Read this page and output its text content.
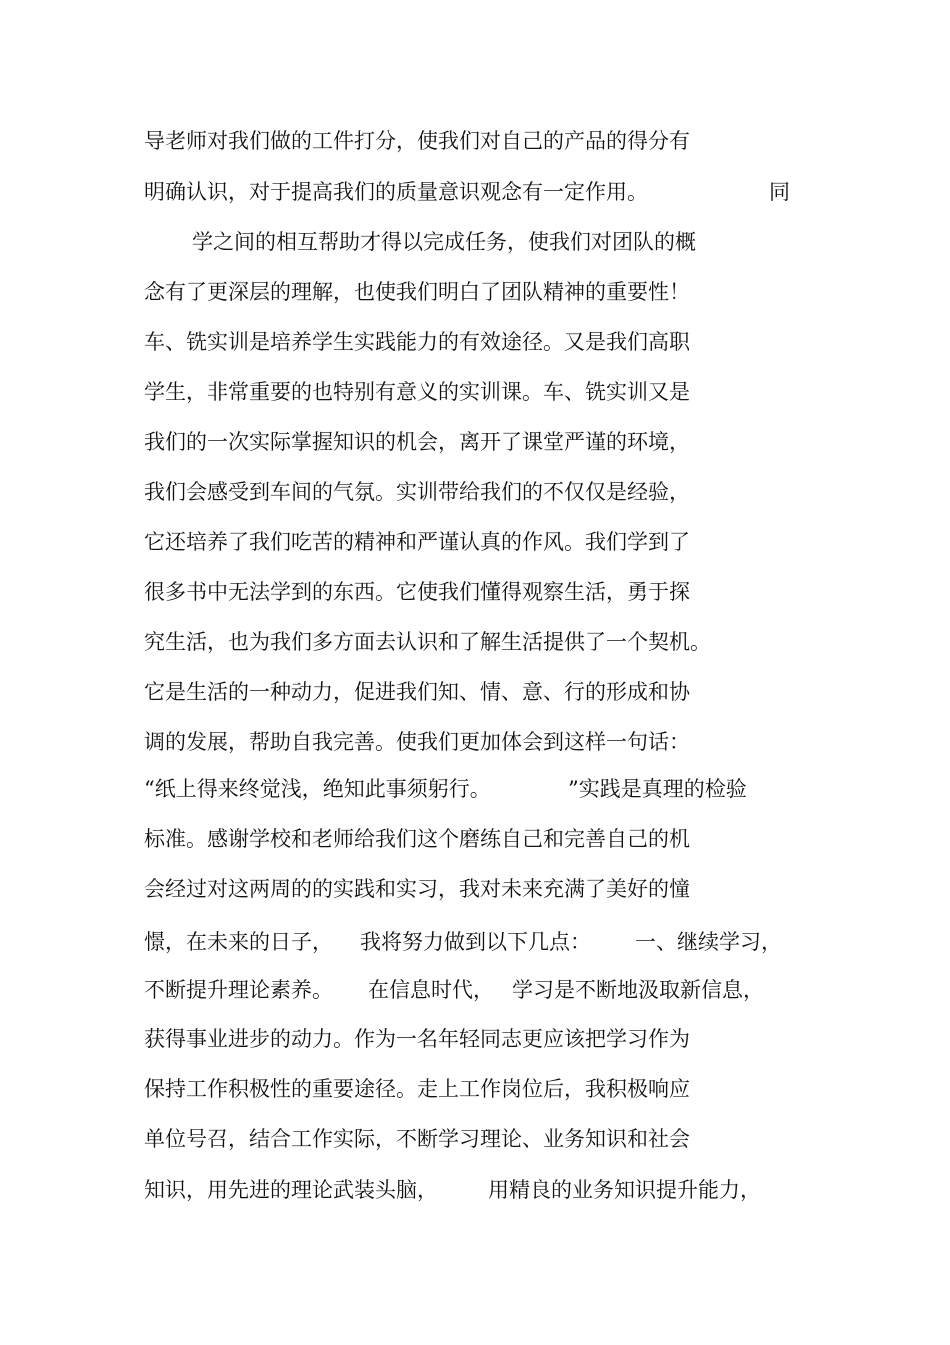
导老师对我们做的工件打分，使我们对自己的产品的得分有
明确认识，对于提高我们的质量意识观念有一定作用。	同
学之间的相互帮助才得以完成任务，使我们对团队的概
念有了更深层的理解，也使我们明白了团队精神的重要性！
车、铣实训是培养学生实践能力的有效途径。又是我们高职
学生，非常重要的也特别有意义的实训课。车、铣实训又是
我们的一次实际掌握知识的机会，离开了课堂严谨的环境，
我们会感受到车间的气氛。实训带给我们的不仅仅是经验，
它还培养了我们吃苦的精神和严谨认真的作风。我们学到了
很多书中无法学到的东西。它使我们懂得观察生活，勇于探
究生活，也为我们多方面去认识和了解生活提供了一个契机。
它是生活的一种动力，促进我们知、情、意、行的形成和协
调的发展，帮助自我完善。使我们更加体会到这样一句话：
“纸上得来终觉浅，绝知此事须躬行。	”实践是真理的检验
标准。感谢学校和老师给我们这个磨练自己和完善自己的机
会经过对这两周的的实践和实习，我对未来充满了美好的憧
憬，在未来的日子， 我将努力做到以下几点： 一、继续学习，
不断提升理论素养。 在信息时代， 学习是不断地汲取新信息，
获得事业进步的动力。作为一名年轻同志更应该把学习作为
保持工作积极性的重要途径。走上工作岗位后，我积极响应
单位号召，结合工作实际，不断学习理论、业务知识和社会
知识，用先进的理论武装头脑， 用精良的业务知识提升能力，
